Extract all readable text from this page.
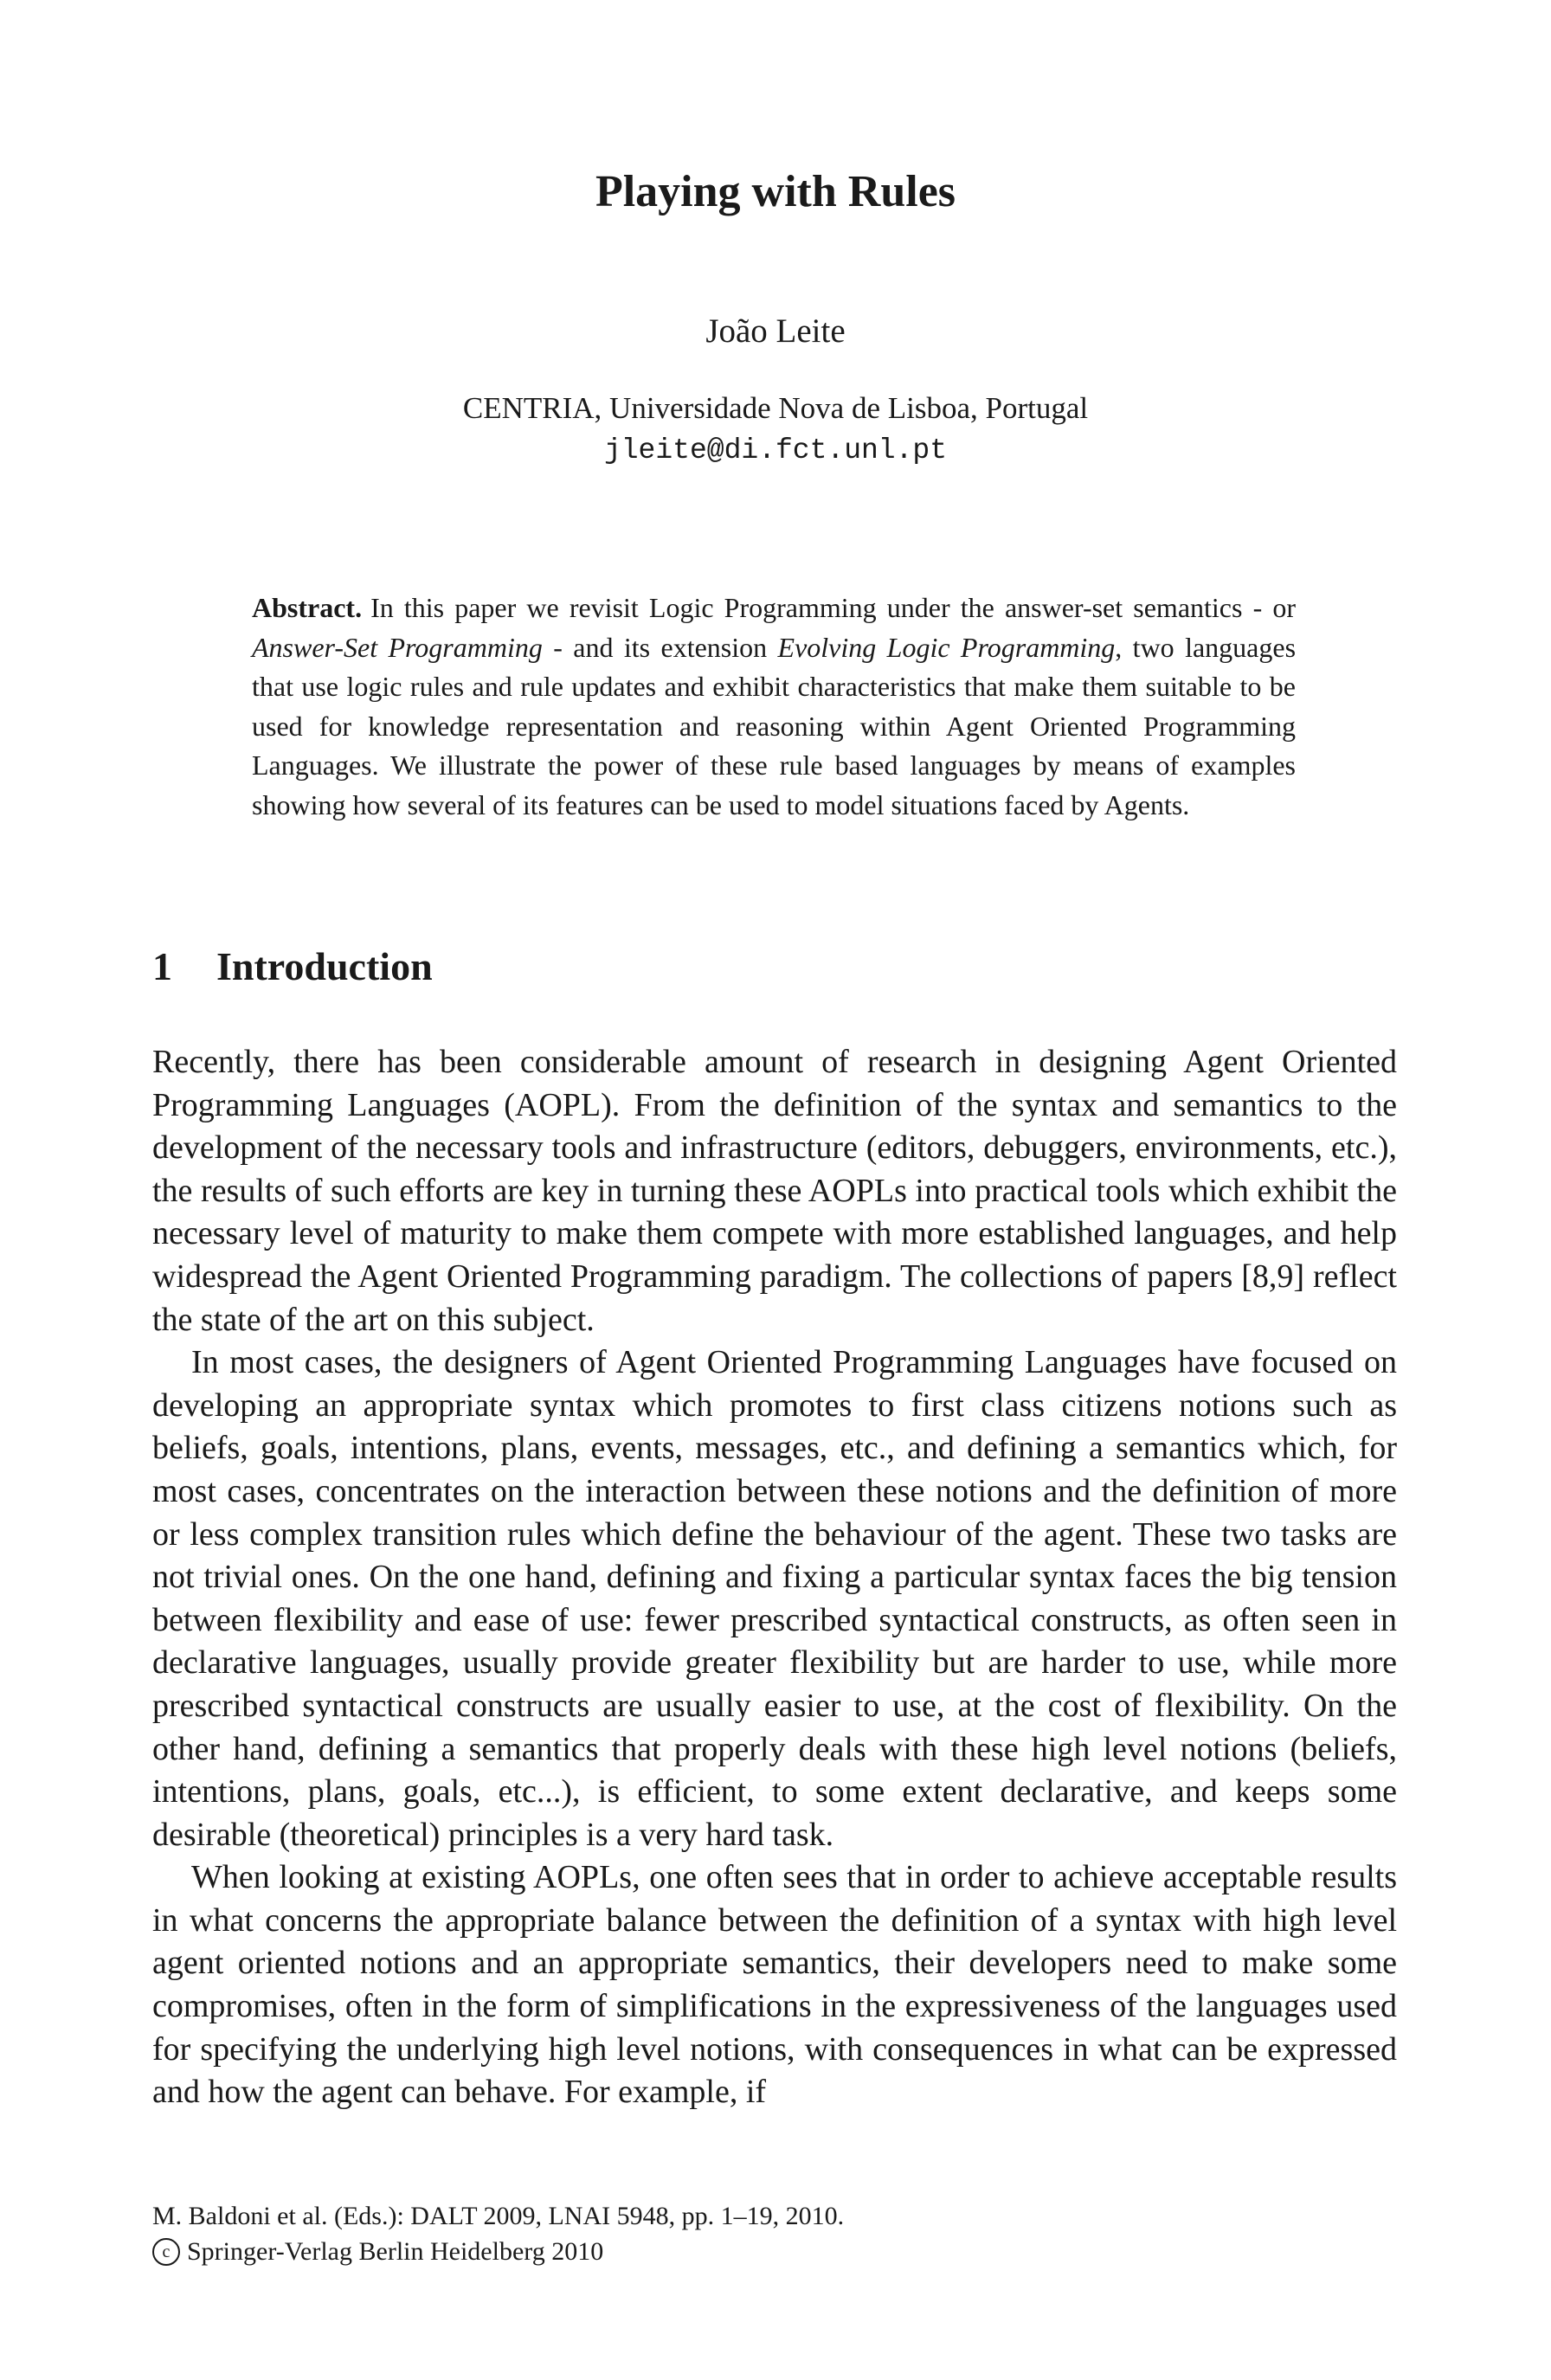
Playing with Rules
João Leite
CENTRIA, Universidade Nova de Lisboa, Portugal
jleite@di.fct.unl.pt
Abstract. In this paper we revisit Logic Programming under the answer-set semantics - or Answer-Set Programming - and its extension Evolving Logic Programming, two languages that use logic rules and rule updates and exhibit characteristics that make them suitable to be used for knowledge representation and reasoning within Agent Oriented Programming Languages. We illustrate the power of these rule based languages by means of examples showing how several of its features can be used to model situations faced by Agents.
1 Introduction

Recently, there has been considerable amount of research in designing Agent Oriented Programming Languages (AOPL). From the definition of the syntax and semantics to the development of the necessary tools and infrastructure (editors, debuggers, environments, etc.), the results of such efforts are key in turning these AOPLs into practical tools which exhibit the necessary level of maturity to make them compete with more established languages, and help widespread the Agent Oriented Programming paradigm. The collections of papers [8,9] reflect the state of the art on this subject.

In most cases, the designers of Agent Oriented Programming Languages have focused on developing an appropriate syntax which promotes to first class citizens notions such as beliefs, goals, intentions, plans, events, messages, etc., and defining a semantics which, for most cases, concentrates on the interaction between these notions and the definition of more or less complex transition rules which define the behaviour of the agent. These two tasks are not trivial ones. On the one hand, defining and fixing a particular syntax faces the big tension between flexibility and ease of use: fewer prescribed syntactical constructs, as often seen in declarative languages, usually provide greater flexibility but are harder to use, while more prescribed syntactical constructs are usually easier to use, at the cost of flexibility. On the other hand, defining a semantics that properly deals with these high level notions (beliefs, intentions, plans, goals, etc...), is efficient, to some extent declarative, and keeps some desirable (theoretical) principles is a very hard task.

When looking at existing AOPLs, one often sees that in order to achieve acceptable results in what concerns the appropriate balance between the definition of a syntax with high level agent oriented notions and an appropriate semantics, their developers need to make some compromises, often in the form of simplifications in the expressiveness of the languages used for specifying the underlying high level notions, with consequences in what can be expressed and how the agent can behave. For example, if

M. Baldoni et al. (Eds.): DALT 2009, LNAI 5948, pp. 1–19, 2010.
c Springer-Verlag Berlin Heidelberg 2010
